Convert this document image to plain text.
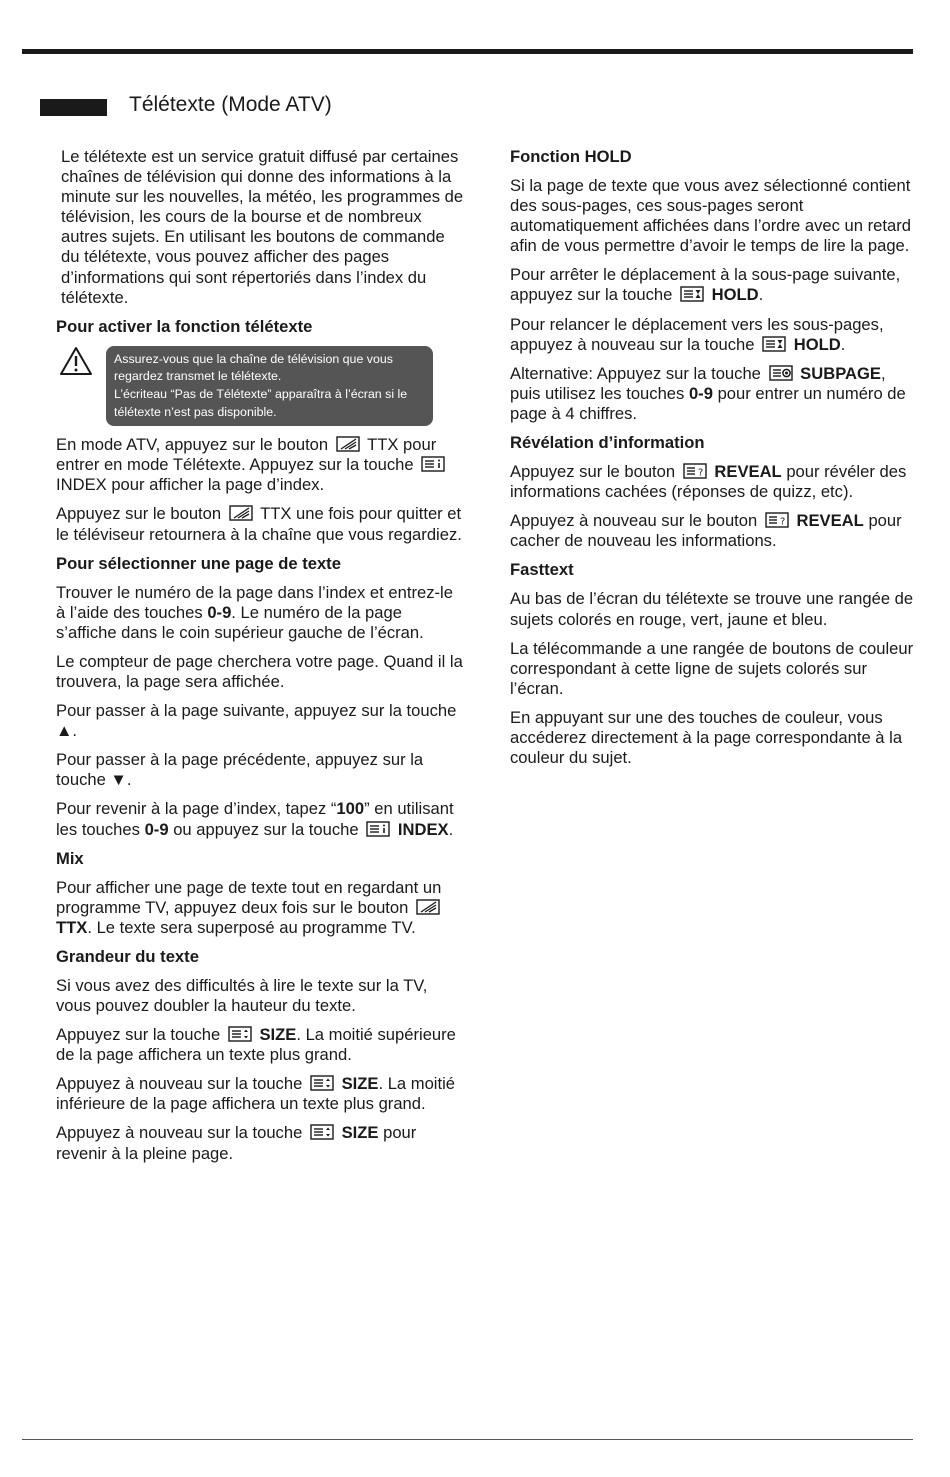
Télétexte (Mode ATV)

Le télétexte est un service gratuit diffusé par certaines chaînes de télévision qui donne des informations à la minute sur les nouvelles, la météo, les programmes de télévision, les cours de la bourse et de nombreux autres sujets. En utilisant les boutons de commande du télétexte, vous pouvez afficher des pages d’informations qui sont répertoriés dans l’index du télétexte.

Pour activer la fonction télétexte
Assurez-vous que la chaîne de télévision que vous regardez transmet le télétexte.
L’écriteau “Pas de Télétexte” apparaîtra à l’écran si le télétexte n’est pas disponible.

En mode ATV, appuyez sur le bouton TTX pour entrer en mode Télétexte. Appuyez sur la touche  INDEX pour afficher la page d’index.

Appuyez sur le bouton TTX une fois pour quitter et le téléviseur retournera à la chaîne que vous regardiez.

Pour sélectionner une page de texte

Trouver le numéro de la page dans l’index et entrez-le à l’aide des touches 0-9. Le numéro de la page s’affiche dans le coin supérieur gauche de l’écran.

Le compteur de page cherchera votre page. Quand il la trouvera, la page sera affichée.

Pour passer à la page suivante, appuyez sur la touche ▲.

Pour passer à la page précédente, appuyez sur la touche ▼.

Pour revenir à la page d’index, tapez “100” en utilisant les touches 0-9 ou appuyez sur la touche INDEX.

Mix

Pour afficher une page de texte tout en regardant un programme TV, appuyez deux fois sur le bouton  TTX. Le texte sera superposé au programme TV.

Grandeur du texte

Si vous avez des difficultés à lire le texte sur la TV, vous pouvez doubler la hauteur du texte.

Appuyez sur la touche SIZE. La moitié supérieure de la page affichera un texte plus grand.

Appuyez à nouveau sur la touche SIZE. La moitié inférieure de la page affichera un texte plus grand.

Appuyez à nouveau sur la touche SIZE pour revenir à la pleine page.

Fonction HOLD

Si la page de texte que vous avez sélectionné contient des sous-pages, ces sous-pages seront automatiquement affichées dans l’ordre avec un retard afin de vous permettre d’avoir le temps de lire la page.

Pour arrêter le déplacement à la sous-page suivante, appuyez sur la touche HOLD.

Pour relancer le déplacement vers les sous-pages, appuyez à nouveau sur la touche HOLD.

Alternative: Appuyez sur la touche SUBPAGE, puis utilisez les touches 0-9 pour entrer un numéro de page à 4 chiffres.

Révélation d’information

Appuyez sur le bouton ? REVEAL pour révéler des informations cachées (réponses de quizz, etc).

Appuyez à nouveau sur le bouton ? REVEAL pour cacher de nouveau les informations.

Fasttext

Au bas de l’écran du télétexte se trouve une rangée de sujets colorés en rouge, vert, jaune et bleu.

La télécommande a une rangée de boutons de couleur correspondant à cette ligne de sujets colorés sur l’écran.

En appuyant sur une des touches de couleur, vous accéderez directement à la page correspondante à la couleur du sujet.
